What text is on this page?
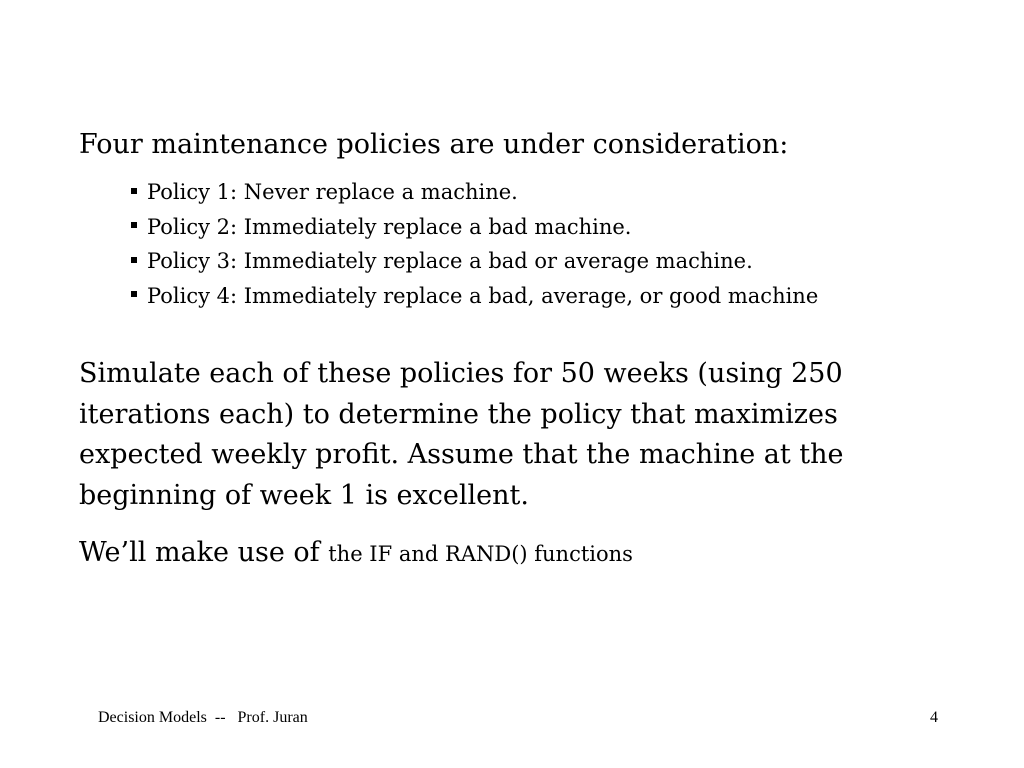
Four maintenance policies are under consideration:

Policy 1: Never replace a machine.
Policy 2: Immediately replace a bad machine.
Policy 3: Immediately replace a bad or average machine.
Policy 4: Immediately replace a bad, average, or good machine

Simulate each of these policies for 50 weeks (using 250 iterations each) to determine the policy that maximizes expected weekly profit. Assume that the machine at the beginning of week 1 is excellent.

We’ll make use of the IF and RAND() functions

Decision Models  --   Prof. Juran	4
